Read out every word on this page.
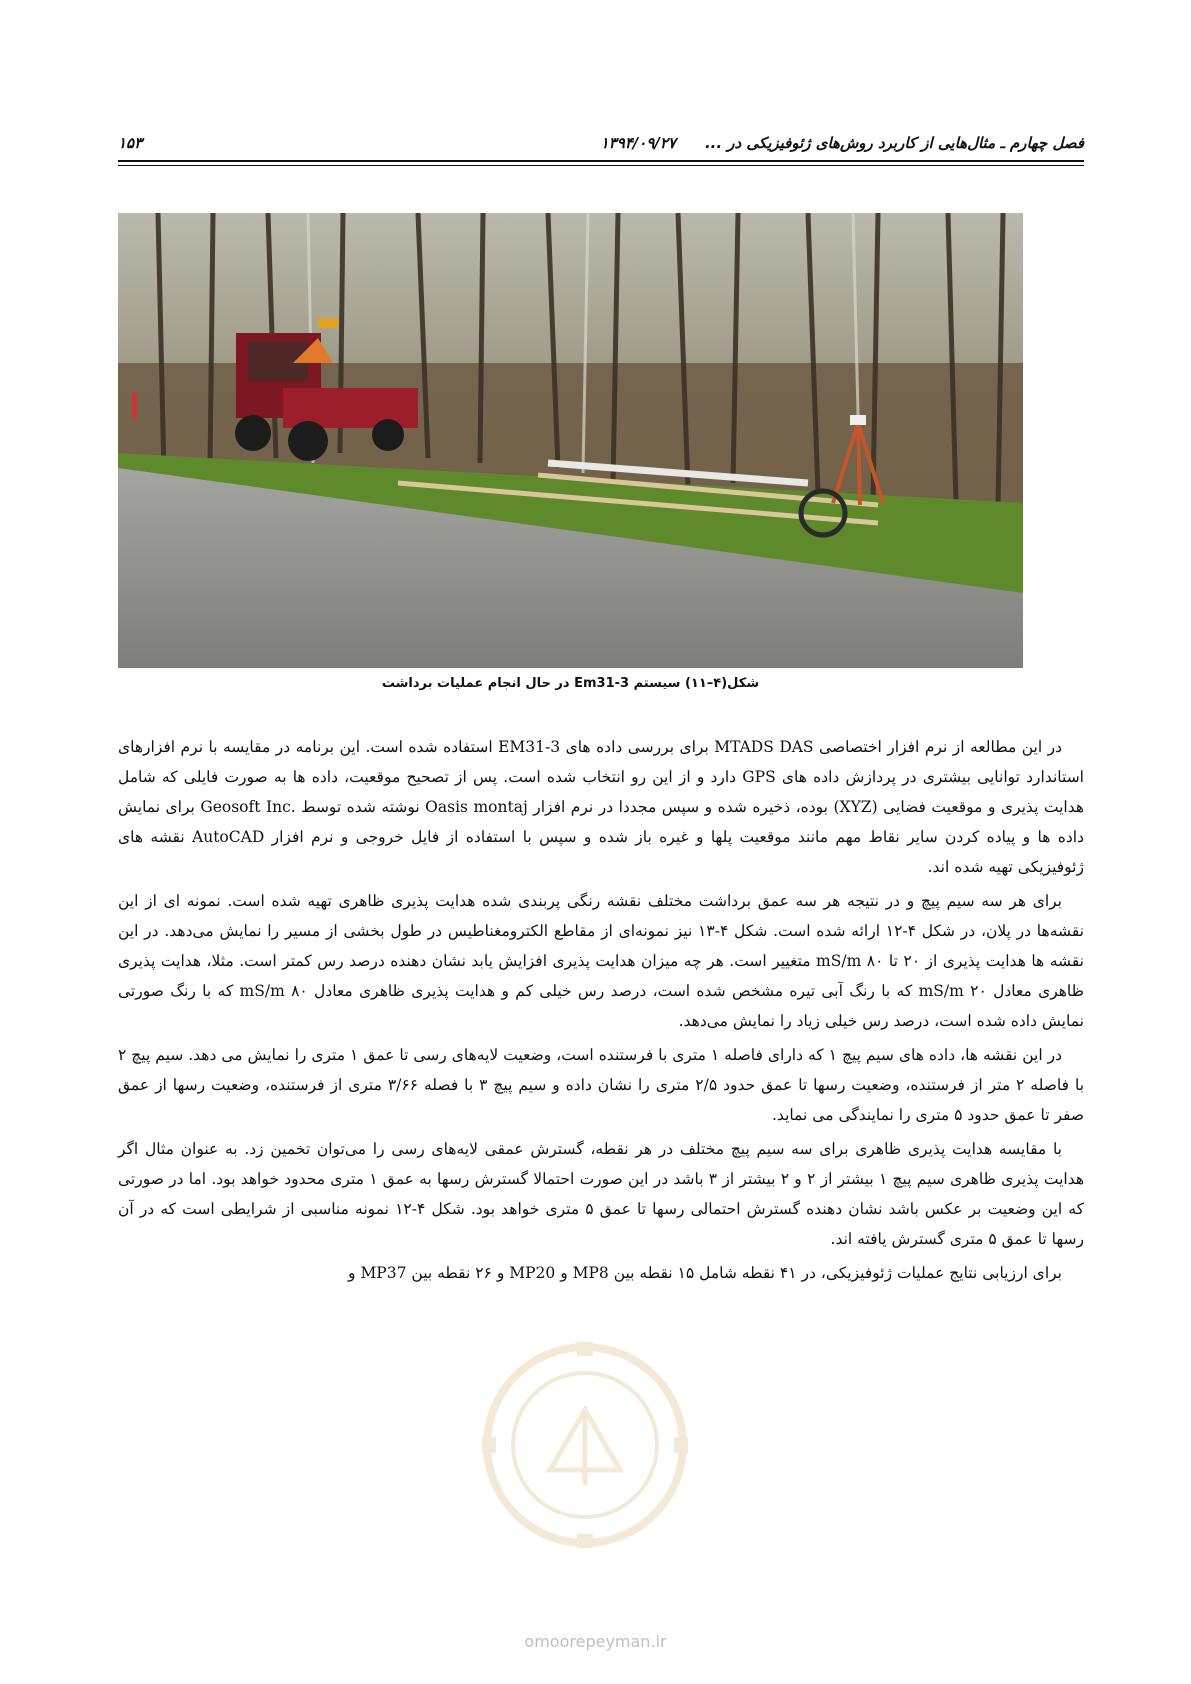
فصل چهارم ـ مثال‌هایی از کاربرد روش‌های ژئوفیزیکی در ...
۱۳۹۴/۰۹/۲۷
۱۵۳
شکل(۴–۱۱) سیستم Em31-3 در حال انجام عملیات برداشت

در این مطالعه از نرم افزار اختصاصی MTADS DAS برای بررسی داده های EM31-3 استفاده شده است. این برنامه در مقایسه با نرم افزارهای استاندارد توانایی بیشتری در پردازش داده های GPS دارد و از این رو انتخاب شده است. پس از تصحیح موقعیت، داده ها به صورت فایلی که شامل هدایت پذیری و موقعیت فضایی (XYZ) بوده، ذخیره شده و سپس مجددا در نرم افزار Oasis montaj نوشته شده توسط .Geosoft Inc برای نمایش داده ها و پیاده کردن سایر نقاط مهم مانند موقعیت پلها و غیره باز شده و سپس با استفاده از فایل خروجی و نرم افزار AutoCAD نقشه های ژئوفیزیکی تهیه شده اند.

برای هر سه سیم پیچ و در نتیجه هر سه عمق برداشت مختلف نقشه رنگی پربندی شده هدایت پذیری ظاهری تهیه شده است. نمونه ای از این نقشه‌ها در پلان، در شکل ۴-۱۲ ارائه شده است. شکل ۴-۱۳ نیز نمونه‌ای از مقاطع الکترومغناطیس در طول بخشی از مسیر را نمایش می‌دهد. در این نقشه ها هدایت پذیری از ۲۰ تا ۸۰ mS/m متغییر است. هر چه میزان هدایت پذیری افزایش یابد نشان دهنده درصد رس کمتر است. مثلا، هدایت پذیری ظاهری معادل ۲۰ mS/m که با رنگ آبی تیره مشخص شده است، درصد رس خیلی کم و هدایت پذیری ظاهری معادل ۸۰ mS/m که با رنگ صورتی نمایش داده شده است، درصد رس خیلی زیاد را نمایش می‌دهد.

در این نقشه ها، داده های سیم پیچ ۱ که دارای فاصله ۱ متری با فرستنده است، وضعیت لایه‌های رسی تا عمق ۱ متری را نمایش می دهد. سیم پیچ ۲ با فاصله ۲ متر از فرستنده، وضعیت رسها تا عمق حدود ۲/۵ متری را نشان داده و سیم پیچ ۳ با فصله ۳/۶۶ متری از فرستنده، وضعیت رسها از عمق صفر تا عمق حدود ۵ متری را نمایندگی می نماید.

با مقایسه هدایت پذیری ظاهری برای سه سیم پیچ مختلف در هر نقطه، گسترش عمقی لایه‌های رسی را می‌توان تخمین زد. به عنوان مثال اگر هدایت پذیری ظاهری سیم پیچ ۱ بیشتر از ۲ و ۲ بیشتر از ۳ باشد در این صورت احتمالا گسترش رسها به عمق ۱ متری محدود خواهد بود. اما در صورتی که این وضعیت بر عکس باشد نشان دهنده گسترش احتمالی رسها تا عمق ۵ متری خواهد بود. شکل ۴-۱۲ نمونه مناسبی از شرایطی است که در آن رسها تا عمق ۵ متری گسترش یافته اند.

برای ارزیابی نتایج عملیات ژئوفیزیکی، در ۴۱ نقطه شامل ۱۵ نقطه بین MP8 و MP20 و ۲۶ نقطه بین MP37 و

omoorepeyman.ir
